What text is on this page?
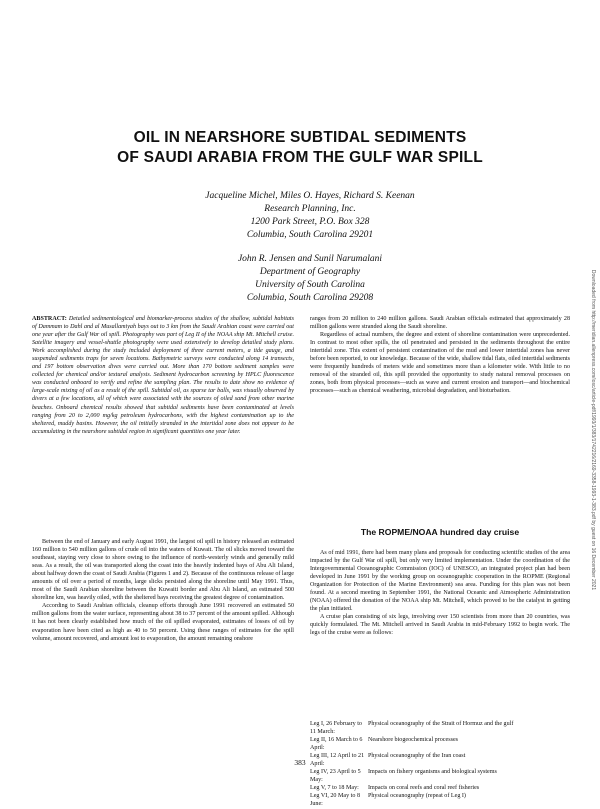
OIL IN NEARSHORE SUBTIDAL SEDIMENTS
OF SAUDI ARABIA FROM THE GULF WAR SPILL
Jacqueline Michel, Miles O. Hayes, Richard S. Keenan
Research Planning, Inc.
1200 Park Street, P.O. Box 328
Columbia, South Carolina 29201
John R. Jensen and Sunil Narumalani
Department of Geography
University of South Carolina
Columbia, South Carolina 29208	Downloaded from http://meridian.allenpress.com/iosc/article-pdf/1993/1/383/1742216/2169-3358-1993-1-383.pdf by guest on 16 December 2021

ABSTRACT: Detailed sedimentological and biomarker-process studies of the shallow, subtidal habitats of Dammam to Dahl and al Musallamiyah bays out to 3 km from the Saudi Arabian coast were carried out one year after the Gulf War oil spill. Photography was part of Leg II of the NOAA ship Mt. Mitchell cruise. Satellite imagery and vessel-shuttle photography were used extensively to develop detailed study plans. Work accomplished during the study included deployment of three current meters, a tide gauge, and suspended sediments traps for seven locations. Bathymetric surveys were conducted along 14 transects, and 197 bottom observation dives were carried out. More than 170 bottom sediment samples were collected for chemical and/or textural analysis. Sediment hydrocarbon screening by HPLC fluorescence was conducted onboard to verify and refine the sampling plan. The results to date show no evidence of large-scale mixing of oil as a result of the spill. Subtidal oil, as sparse tar balls, was visually observed by divers at a few locations, all of which were associated with the sources of oiled sand from other marine beaches. Onboard chemical results showed that subtidal sediments have been contaminated at levels ranging from 20 to 2,000 mg/kg petroleum hydrocarbons, with the highest contamination up to the sheltered, muddy basins. However, the oil initially stranded in the intertidal zone does not appear to be accumulating in the nearshore subtidal region in significant quantities one year later.

Between the end of January and early August 1991, the largest oil spill in history released an estimated 160 million to 540 million gallons of crude oil into the waters of Kuwait. The oil slicks moved toward the southeast, staying very close to shore owing to the influence of north-westerly winds and generally mild seas. As a result, the oil was transported along the coast into the heavily indented bays of Abu Ali Island, about halfway down the coast of Saudi Arabia (Figures 1 and 2). Because of the continuous release of large amounts of oil over a period of months, large slicks persisted along the shoreline until May 1991. Thus, most of the Saudi Arabian shoreline between the Kuwaiti border and Abu Ali Island, an estimated 500 shoreline km, was heavily oiled, with the sheltered bays receiving the greatest degree of contamination.

According to Saudi Arabian officials, cleanup efforts through June 1991 recovered an estimated 50 million gallons from the water surface, representing about 38 to 37 percent of the amount spilled. Although it has not been clearly established how much of the oil spilled evaporated, estimates of losses of oil by evaporation have been cited as high as 40 to 50 percent. Using these ranges of estimates for the spill volume, amount recovered, and amount lost to evaporation, the amount remaining onshore

ranges from 20 million to 240 million gallons. Saudi Arabian officials estimated that approximately 28 million gallons were stranded along the Saudi shoreline.

Regardless of actual numbers, the degree and extent of shoreline contamination were unprecedented. In contrast to most other spills, the oil penetrated and persisted in the sediments throughout the entire intertidal zone. This extent of persistent contamination of the mud and lower intertidal zones has never before been reported, to our knowledge. Because of the wide, shallow tidal flats, oiled intertidal sediments were frequently hundreds of meters wide and sometimes more than a kilometer wide. With little to no removal of the stranded oil, this spill provided the opportunity to study natural removal processes on zones, both from physical processes—such as wave and current erosion and transport—and biochemical processes—such as chemical weathering, microbial degradation, and bioturbation.

The ROPME/NOAA hundred day cruise

As of mid 1991, there had been many plans and proposals for conducting scientific studies of the area impacted by the Gulf War oil spill, but only very limited implementation. Under the coordination of the Intergovernmental Oceanographic Commission (IOC) of UNESCO, an integrated project plan had been developed in June 1991 by the working group on oceanographic cooperation in the ROPME (Regional Organization for Protection of the Marine Environment) sea area. Funding for this plan was not been found. At a second meeting in September 1991, the National Oceanic and Atmospheric Administration (NOAA) offered the donation of the NOAA ship Mt. Mitchell, which proved to be the catalyst in getting the plan initiated.

A cruise plan consisting of six legs, involving over 150 scientists from more than 20 countries, was quickly formulated. The Mt. Mitchell arrived in Saudi Arabia in mid-February 1992 to begin work. The legs of the cruise were as follows:

Leg I, 26 February to 11 March:
Physical oceanography of the Strait of Hormuz and the gulf
Leg II, 16 March to 6 April:
Nearshore biogeochemical processes
Leg III, 12 April to 21 April:
Physical oceanography of the Iran coast
Leg IV, 23 April to 5 May:
Impacts on fishery organisms and biological systems
Leg V, 7 to 18 May:	Impacts on coral reefs and coral reef fisheries
Leg VI, 20 May to 8 June:
Physical oceanography (repeat of Leg I)
383
